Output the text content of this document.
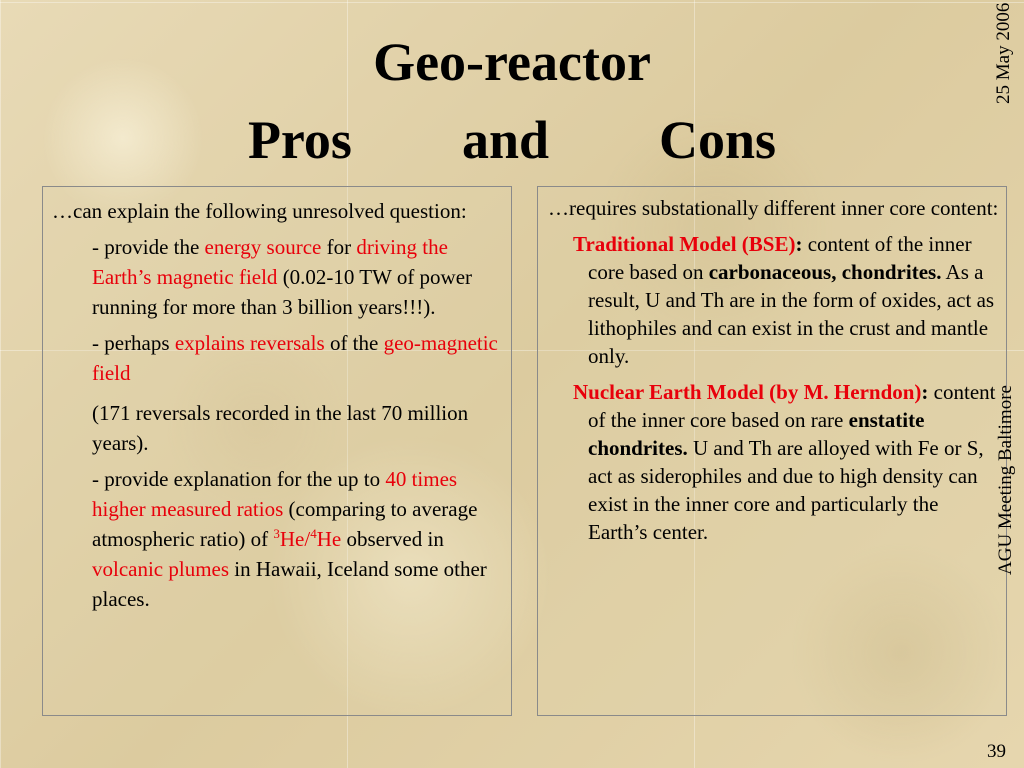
Geo-reactor
Pros and Cons

…can explain the following unresolved question:

- provide the energy source for driving the Earth’s magnetic field (0.02-10 TW of power running for more than 3 billion years!!!).

- perhaps explains reversals of the geo-magnetic field

(171 reversals recorded in the last 70 million years).

- provide explanation for the up to 40 times higher measured ratios (comparing to average atmospheric ratio) of $^3$He/$^4$He observed in volcanic plumes in Hawaii, Iceland some other places.

…requires substationally different inner core content:

Traditional Model (BSE): content of the inner core based on carbonaceous, chondrites. As a result, U and Th are in the form of oxides, act as lithophiles and can exist in the crust and mantle only.

Nuclear Earth Model (by M. Herndon): content of the inner core based on rare enstatite chondrites. U and Th are alloyed with Fe or S, act as siderophiles and due to high density can exist in the inner core and particularly the Earth’s center.

25 May 2006
AGU Meeting Baltimore
39
